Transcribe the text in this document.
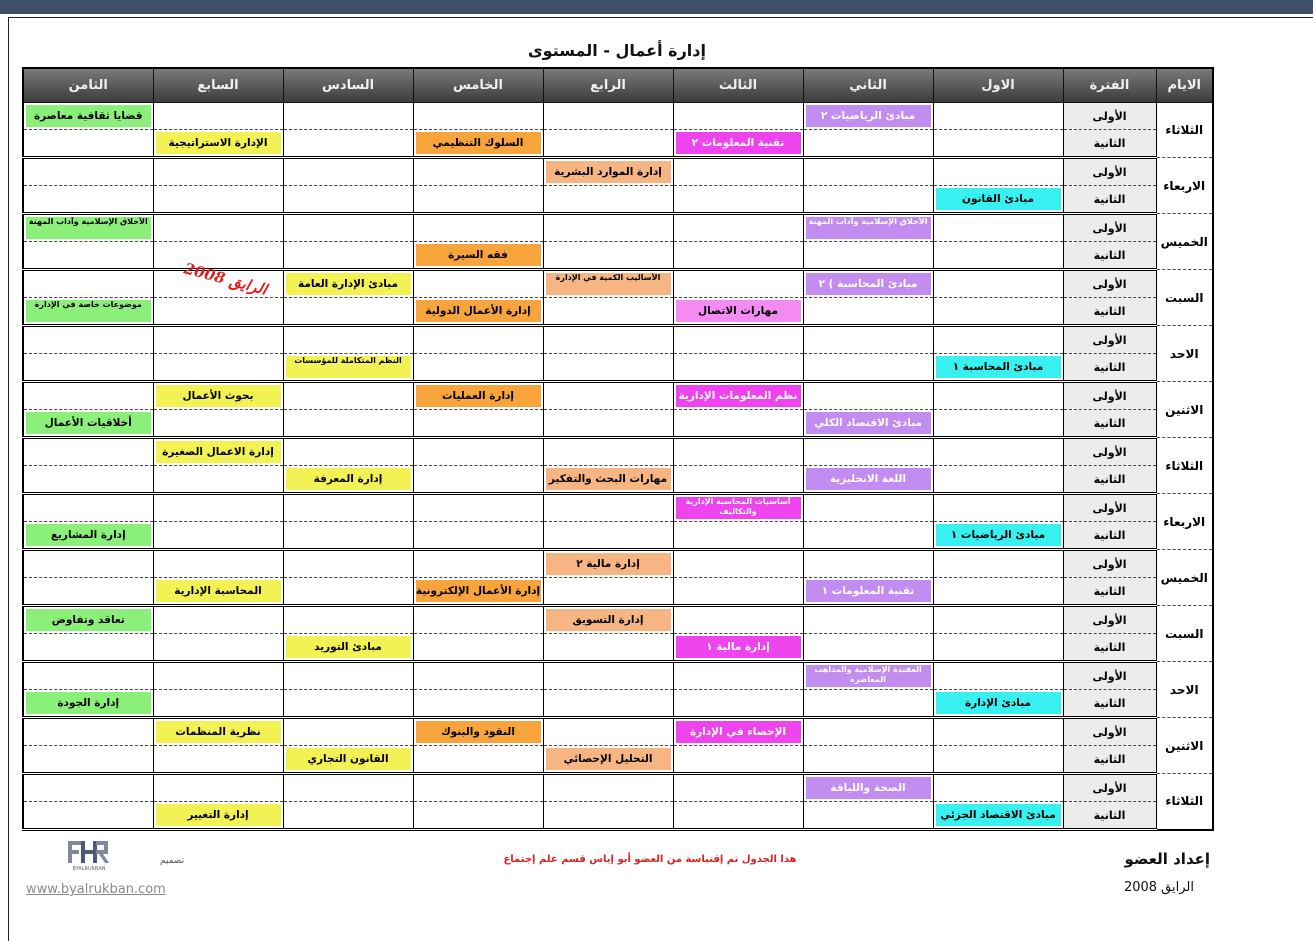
إدارة أعمال - المستوى
الايام	الفترة	الاول	الثاني	الثالث	الرابع	الخامس	السادس	السابع	الثامن
الثلاثاء	الأولى		مبادئ الرياضيات ٢						قضايا ثقافية معاصرة

	الثانية			تقنية المعلومات ٢		السلوك التنظيمي		الإدارة الاستراتيجية	

الاربعاء	الأولى				إدارة الموارد البشرية				

	الثانية	مبادئ القانون							

الخميس	الأولى		الأخلاق الإسلامية وآداب المهنة						الأخلاق الإسلامية وآداب المهنة

	الثانية					فقه السيرة			

السبت	الأولى		مبادئ المحاسبة ) ٢		الأساليب الكمية في الإدارة		مبادئ الإدارة العامة		

	الثانية			مهارات الاتصال		إدارة الأعمال الدولية			موضوعات خاصة في الإدارة

الاحد	الأولى								
	الثانية	مبادئ المحاسبة ١					النظم المتكاملة للمؤسسات		

الاثنين	الأولى			نظم المعلومات الإدارية		إدارة العمليات		بحوث الأعمال	

	الثانية		مبادئ الاقتصاد الكلي						أخلاقيات الأعمال

الثلاثاء	الأولى							إدارة الاعمال الصغيرة	

	الثانية		اللغة الانجليزية		مهارات البحث والتفكير		إدارة المعرفة		

الاربعاء	الأولى			أساسيات المحاسبة الإدارية والتكاليف					

	الثانية	مبادئ الرياضيات ١							إدارة المشاريع

الخميس	الأولى				إدارة مالية ٢				

	الثانية		تقنية المعلومات ١			إدارة الأعمال الإلكترونية		المحاسبة الإدارية	

السبت	الأولى				إدارة التسويق				تعاقد وتفاوض

	الثانية			إدارة مالية ١			مبادئ التوريد		

الاحد	الأولى		العقيدة الإسلامية والمذاهب المعاصرة						

	الثانية	مبادئ الإدارة							إدارة الجودة

الاثنين	الأولى			الإحصاء في الإدارة		النقود والبنوك		نظرية المنظمات	

	الثانية				التحليل الإحصائي		القانون التجاري		

الثلاثاء	الأولى		الصحة واللياقة						

	الثانية	مبادئ الاقتصاد الجزئي						إدارة التغيير	

الرايق 2008
إعداد العضو
الرايق 2008
هذا الجدول تم إقتباسة من العضو أبو إياس قسم علم إجتماع
تصميم
BYALRUKBAN
www.byalrukban.com
